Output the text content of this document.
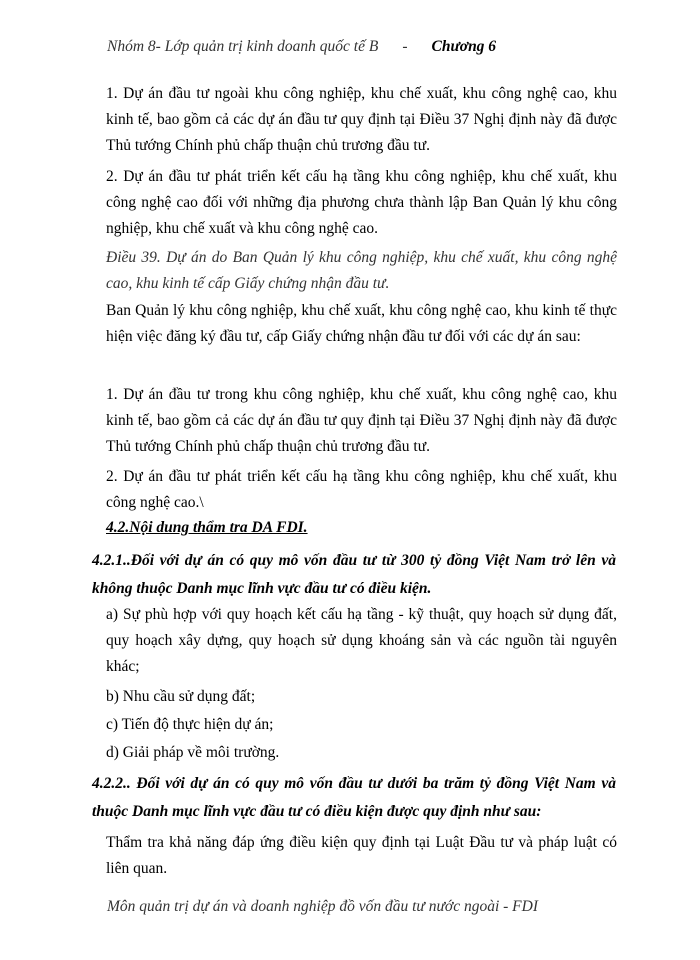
Nhóm 8- Lớp quản trị kinh doanh quốc tế B - Chương 6
1. Dự án đầu tư ngoài khu công nghiệp, khu chế xuất, khu công nghệ cao, khu kinh tế, bao gồm cả các dự án đầu tư quy định tại Điều 37 Nghị định này đã được Thủ tướng Chính phủ chấp thuận chủ trương đầu tư.
2. Dự án đầu tư phát triển kết cấu hạ tầng khu công nghiệp, khu chế xuất, khu công nghệ cao đối với những địa phương chưa thành lập Ban Quản lý khu công nghiệp, khu chế xuất và khu công nghệ cao.
Điều 39. Dự án do Ban Quản lý khu công nghiệp, khu chế xuất, khu công nghệ cao, khu kinh tế cấp Giấy chứng nhận đầu tư.
Ban Quản lý khu công nghiệp, khu chế xuất, khu công nghệ cao, khu kinh tế thực hiện việc đăng ký đầu tư, cấp Giấy chứng nhận đầu tư đối với các dự án sau:
1. Dự án đầu tư trong khu công nghiệp, khu chế xuất, khu công nghệ cao, khu kinh tế, bao gồm cả các dự án đầu tư quy định tại Điều 37 Nghị định này đã được Thủ tướng Chính phủ chấp thuận chủ trương đầu tư.
2. Dự án đầu tư phát triển kết cấu hạ tầng khu công nghiệp, khu chế xuất, khu công nghệ cao.\
4.2.Nội dung thẩm tra DA FDI.
4.2.1..Đối với dự án có quy mô vốn đầu tư từ 300 tỷ đồng Việt Nam trở lên và không thuộc Danh mục lĩnh vực đầu tư có điều kiện.
a) Sự phù hợp với quy hoạch kết cấu hạ tầng - kỹ thuật, quy hoạch sử dụng đất, quy hoạch xây dựng, quy hoạch sử dụng khoáng sản và các nguồn tài nguyên khác;
b) Nhu cầu sử dụng đất;
c) Tiến độ thực hiện dự án;
d) Giải pháp về môi trường.
4.2.2.. Đối với dự án có quy mô vốn đầu tư dưới ba trăm tỷ đồng Việt Nam và thuộc Danh mục lĩnh vực đầu tư có điều kiện được quy định như sau:
Thẩm tra khả năng đáp ứng điều kiện quy định tại Luật Đầu tư và pháp luật có liên quan.
Môn quản trị dự án và doanh nghiệp đồ vốn đầu tư nước ngoài - FDI
